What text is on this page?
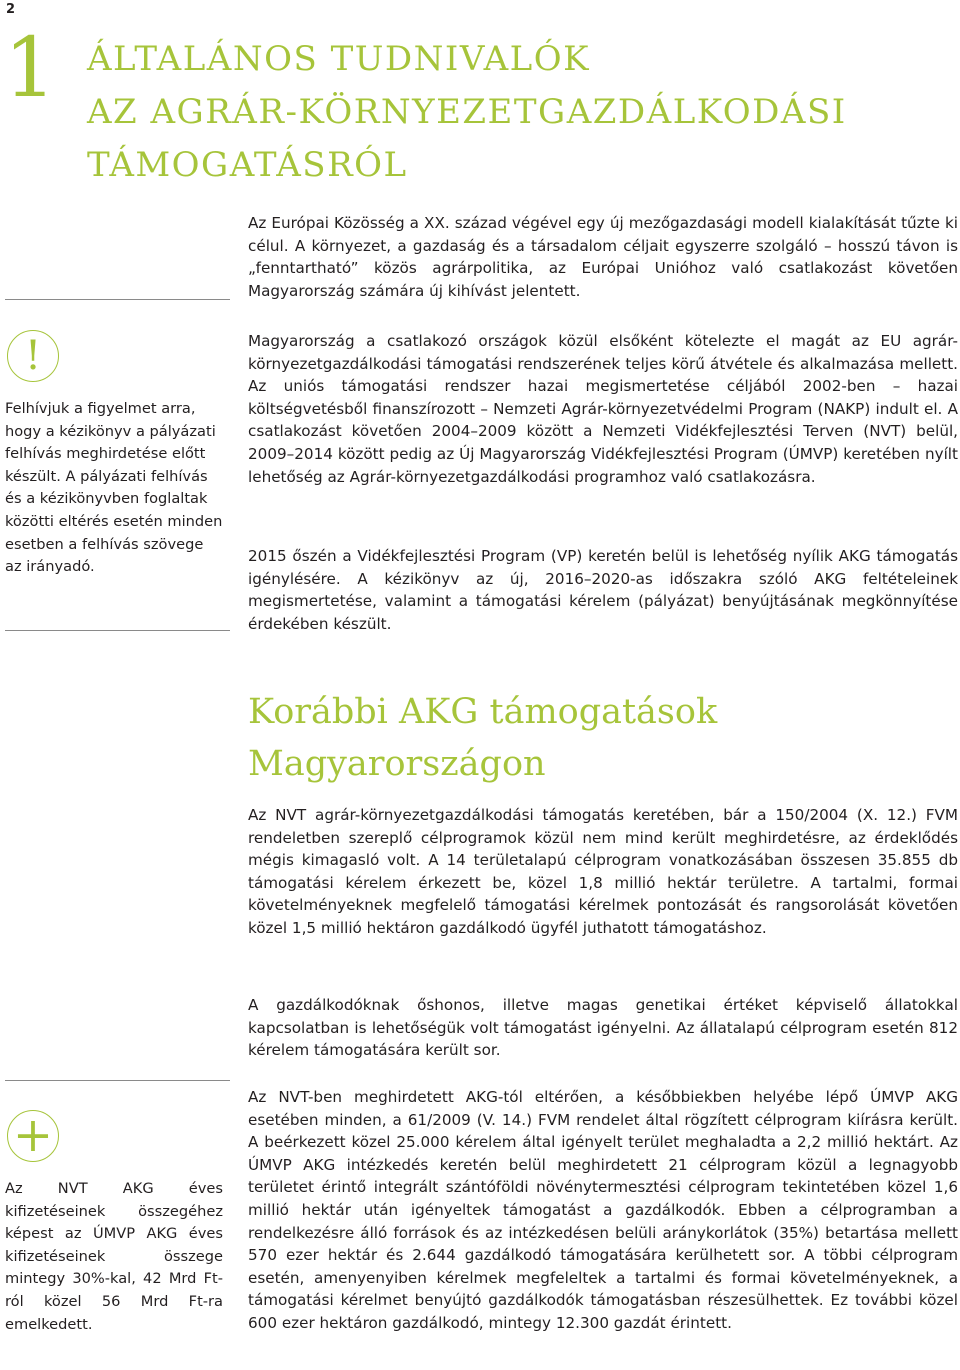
2
1 ÁLTALÁNOS TUDNIVALÓK
AZ AGRÁR-KÖRNYEZETGAZDÁLKODÁSI
TÁMOGATÁSRÓL

Az Európai Közösség a XX. század végével egy új mezőgazdasági modell kialakítását tűzte ki célul. A környezet, a gazdaság és a társadalom céljait egyszerre szolgáló – hosszú távon is „fenntartható” közös agrárpolitika, az Európai Unióhoz való csatlakozást követően Magyarország számára új kihívást jelentett.

Magyarország a csatlakozó országok közül elsőként kötelezte el magát az EU agrár-környezetgazdálkodási támogatási rendszerének teljes körű átvétele és alkalmazása mellett. Az uniós támogatási rendszer hazai megismertetése céljából 2002-ben – hazai költségvetésből finanszírozott – Nemzeti Agrár-környezetvédelmi Program (NAKP) indult el. A csatlakozást követően 2004–2009 között a Nemzeti Vidékfejlesztési Terven (NVT) belül, 2009–2014 között pedig az Új Magyarország Vidékfejlesztési Program (ÚMVP) keretében nyílt lehetőség az Agrár-környezetgazdálkodási programhoz való csatlakozásra.

2015 őszén a Vidékfejlesztési Program (VP) keretén belül is lehetőség nyílik AKG támogatás igénylésére. A kézikönyv az új, 2016–2020-as időszakra szóló AKG feltételeinek megismertetése, valamint a támogatási kérelem (pályázat) benyújtásának megkönnyítése érdekében készült.

!
Felhívjuk a figyelmet arra, hogy a kézikönyv a pályázati felhívás meghirdetése előtt készült. A pályázati felhívás és a kézikönyvben foglaltak közötti eltérés esetén minden esetben a felhívás szövege az irányadó.
Korábbi AKG támogatások
Magyarországon

Az NVT agrár-környezetgazdálkodási támogatás keretében, bár a 150/2004 (X. 12.) FVM rendeletben szereplő célprogramok közül nem mind került meghirdetésre, az érdeklődés mégis kimagasló volt. A 14 területalapú célprogram vonatkozásában összesen 35.855 db támogatási kérelem érkezett be, közel 1,8 millió hektár területre. A tartalmi, formai követelményeknek megfelelő támogatási kérelmek pontozását és rangsorolását követően közel 1,5 millió hektáron gazdálkodó ügyfél juthatott támogatáshoz.

A gazdálkodóknak őshonos, illetve magas genetikai értéket képviselő állatokkal kapcsolatban is lehetőségük volt támogatást igényelni. Az állatalapú célprogram esetén 812 kérelem támogatására került sor.

Az NVT-ben meghirdetett AKG-tól eltérően, a későbbiekben helyébe lépő ÚMVP AKG esetében minden, a 61/2009 (V. 14.) FVM rendelet által rögzített célprogram kiírásra került. A beérkezett közel 25.000 kérelem által igényelt terület meghaladta a 2,2 millió hektárt. Az ÚMVP AKG intézkedés keretén belül meghirdetett 21 célprogram közül a legnagyobb területet érintő integrált szántóföldi növénytermesztési célprogram tekintetében közel 1,6 millió hektár után igényeltek támogatást a gazdálkodók. Ebben a célprogramban a rendelkezésre álló források és az intézkedésen belüli aránykorlátok (35%) betartása mellett 570 ezer hektár és 2.644 gazdálkodó támogatására kerülhetett sor. A többi célprogram esetén, amenyenyiben kérelmek megfeleltek a tartalmi és formai követelményeknek, a támogatási kérelmet benyújtó gazdálkodók támogatásban részesülhettek. Ez további közel 600 ezer hektáron gazdálkodó, mintegy 12.300 gazdát érintett.

+
Az NVT AKG éves kifizetéseinek összegéhez képest az ÚMVP AKG éves kifizetéseinek összege mintegy 30%-kal, 42 Mrd Ft-ról közel 56 Mrd Ft-ra emelkedett.
